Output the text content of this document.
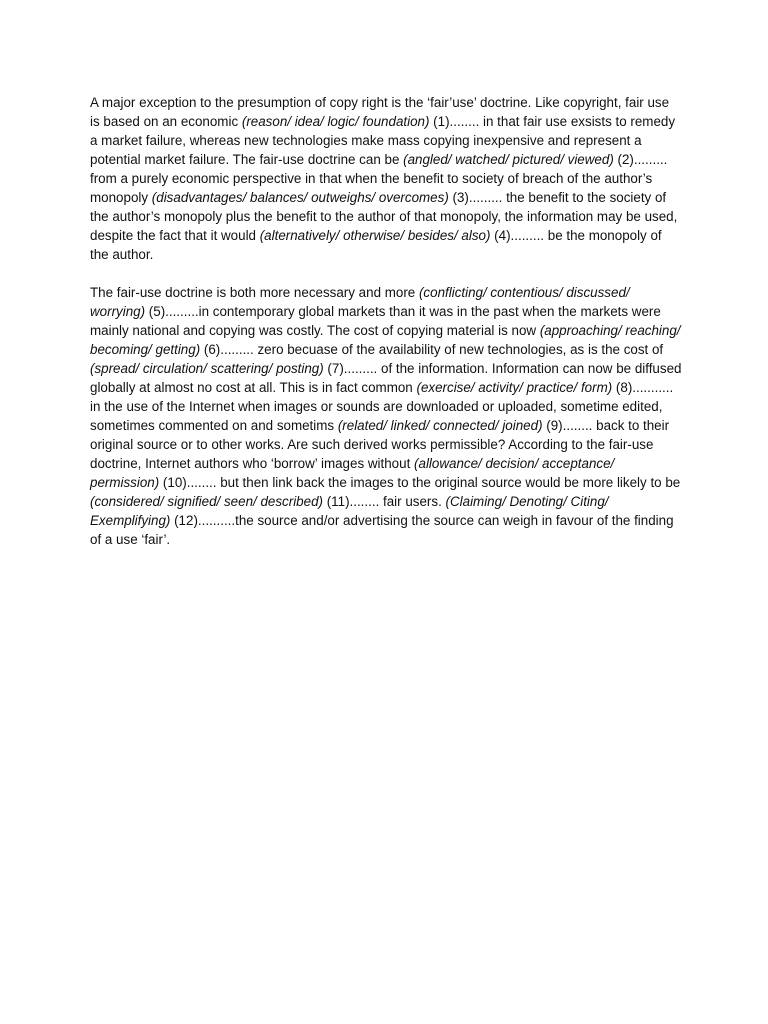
A major exception to the presumption of copy right is the ‘fair’use’ doctrine. Like copyright, fair use is based on an economic (reason/ idea/ logic/ foundation) (1)........ in that fair use exsists to remedy a market failure, whereas new technologies make mass copying inexpensive and represent a potential market failure. The fair-use doctrine can be (angled/ watched/ pictured/ viewed) (2)......... from a purely economic perspective in that when the benefit to society of breach of the author’s monopoly (disadvantages/ balances/ outweighs/ overcomes) (3)......... the benefit to the society of the author’s monopoly plus the benefit to the author of that monopoly, the information may be used, despite the fact that it would (alternatively/ otherwise/ besides/ also) (4)......... be the monopoly of the author.

The fair-use doctrine is both more necessary and more (conflicting/ contentious/ discussed/ worrying) (5).........in contemporary global markets than it was in the past when the markets were mainly national and copying was costly. The cost of copying material is now (approaching/ reaching/ becoming/ getting) (6)......... zero becuase of the availability of new technologies, as is the cost of (spread/ circulation/ scattering/ posting) (7)......... of the information. Information can now be diffused globally at almost no cost at all. This is in fact common (exercise/ activity/ practice/ form) (8)........... in the use of the Internet when images or sounds are downloaded or uploaded, sometime edited, sometimes commented on and sometims (related/ linked/ connected/ joined) (9)........ back to their original source or to other works. Are such derived works permissible? According to the fair-use doctrine, Internet authors who ‘borrow’ images without (allowance/ decision/ acceptance/ permission) (10)........ but then link back the images to the original source would be more likely to be (considered/ signified/ seen/ described) (11)........ fair users. (Claiming/ Denoting/ Citing/ Exemplifying) (12)..........the source and/or advertising the source can weigh in favour of the finding of a use ‘fair’.
